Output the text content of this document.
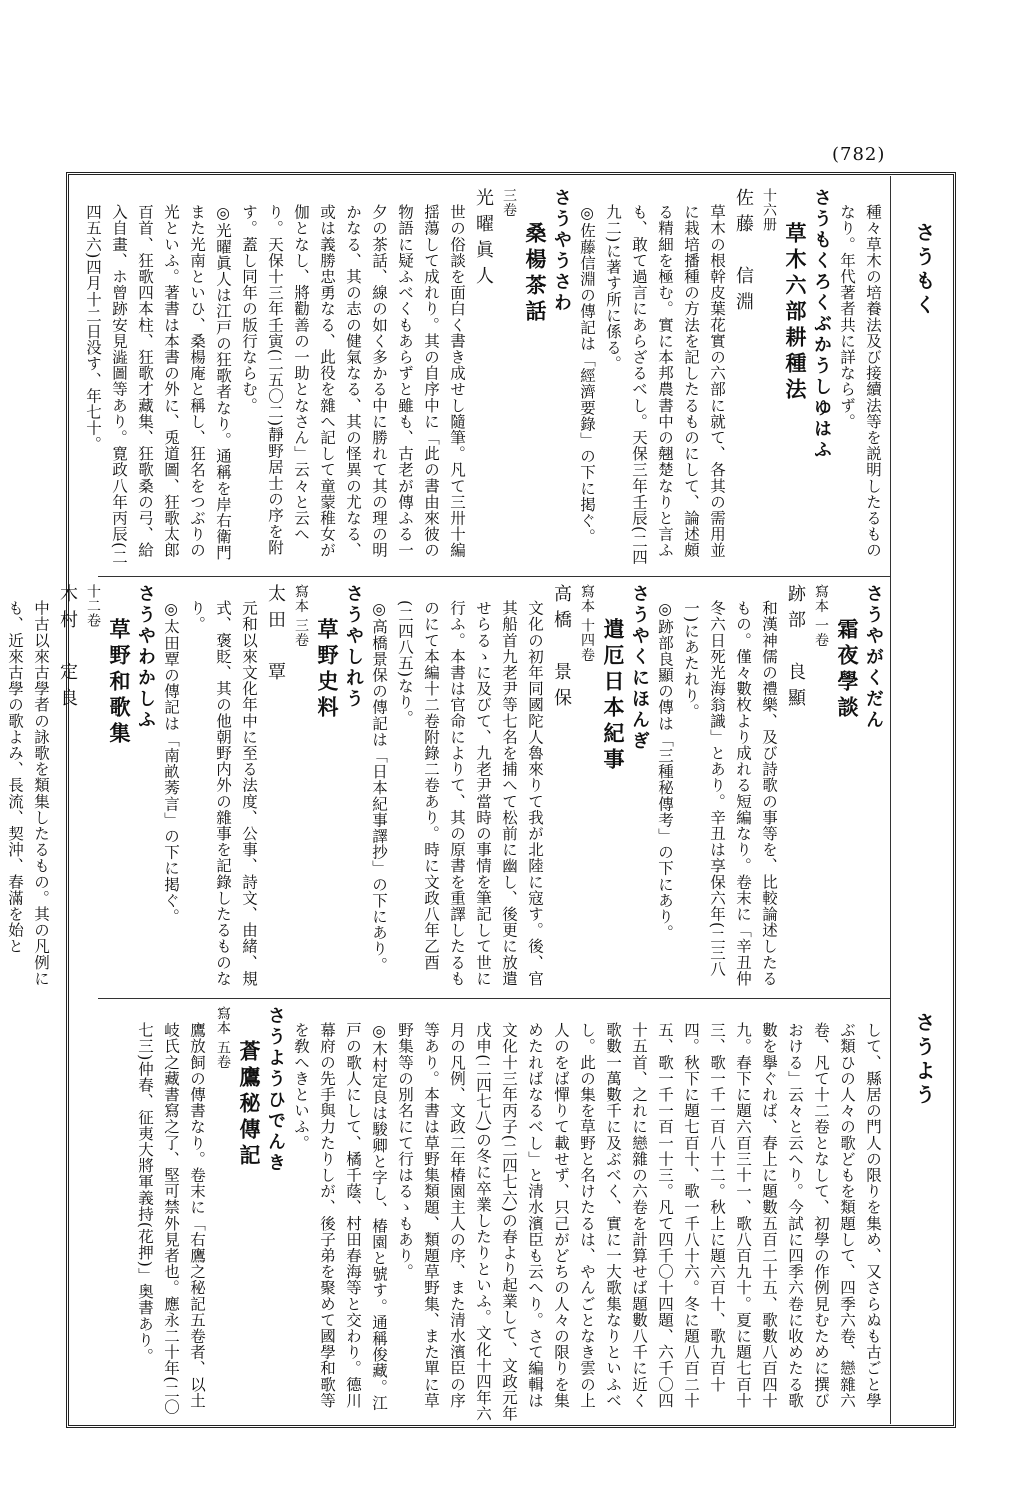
(782)
さうもく
さうよう

種々草木の培養法及び接續法等を説明したるものなり。年代著者共に詳ならず。

さうもくろくぶかうしゆはふ

草木六部耕種法

十六册

佐藤　信淵

草木の根幹皮葉花實の六部に就て、各其の需用並に栽培播種の方法を記したるものにして、論述頗る精細を極む。實に本邦農書中の翹楚なりと言ふも、敢て過言にあらざるべし。天保三年壬辰(二四九二)に著す所に係る。

◎佐藤信淵の傳記は「經濟要錄」の下に掲ぐ。

さうやうさわ

桑楊茶話

三卷

光曜眞人

世の俗談を面白く書き成せし隨筆。凡て三卅十編揺蕩して成れり。其の自序中に「此の書由來彼の物語に疑ふべくもあらずと雖も、古老が傳ふる一夕の茶話、線の如く多かる中に勝れて其の理の明かなる、其の志の健氣なる、其の怪異の尤なる、或は義勝忠勇なる、此役を雜へ記して童蒙稚女が伽となし、將勸善の一助となさん」云々と云へり。天保十三年壬寅(二五〇二)靜野居士の序を附す。蓋し同年の版行ならむ。

◎光曜眞人は江戸の狂歌者なり。通稱を岸右衛門また光南といひ、桑楊庵と稱し、狂名をつぶりの光といふ。著書は本書の外に、兎道圖、狂歌太郎百首、狂歌四本柱、狂歌才藏集、狂歌桑の弓、給入自畫、ホ曾跡安見澁圖等あり。寛政八年丙辰(二四五六)四月十二日没す、年七十。

さうやがくだん

霜夜學談

寫本 一卷

跡部　良顯

和漢神儒の禮樂、及び詩歌の事等を、比較論述したるもの。僅々數枚より成れる短編なり。卷末に「辛丑仲冬六日死光海翁識」とあり。辛丑は享保六年(二三八一)にあたれり。

◎跡部良顯の傳は「三種秘傳考」の下にあり。

さうやくにほんぎ

遣厄日本紀事

寫本 十四卷

高橋　景保

文化の初年同國陀人魯來りて我が北陸に寇す。後、官其船首九老尹等七名を捕へて松前に幽し、後更に放遣せらるゝに及びて、九老尹當時の事情を筆記して世に行ふ。本書は官命によりて、其の原書を重譯したるものにて本編十二卷附錄二卷あり。時に文政八年乙酉(二四八五)なり。

◎高橋景保の傳記は「日本紀事譯抄」の下にあり。

さうやしれう

草野史料

寫本 三卷

太田　覃

元和以來文化年中に至る法度、公事、詩文、由緒、規式、褒貶、其の他朝野内外の雜事を記錄したるものなり。

◎太田覃の傳記は「南畝莠言」の下に掲ぐ。

さうやわかしふ

草野和歌集

十二卷

木村　定良

中古以來古學者の詠歌を類集したるもの。其の凡例にも、近來古學の歌よみ、長流、契沖、春滿を始と

して、縣居の門人の限りを集め、又さらぬも古ごと學ぶ類ひの人々の歌どもを類題して、四季六卷、戀雜六卷、凡て十二卷となして、初學の作例見むために撰びおける」云々と云へり。今試に四季六卷に收めたる歌數を擧ぐれば、春上に題數五百二十五、歌數八百四十九。春下に題六百三十一、歌八百九十。夏に題七百十三、歌一千一百八十二。秋上に題六百十、歌九百十四。秋下に題七百十、歌一千八十六。冬に題八百二十五、歌一千一百一十三。凡て四千〇十四題、六千〇四十五首、之れに戀雜の六卷を計算せば題數八千に近く歌數一萬數千に及ぶべく、實に一大歌集なりといふべし。此の集を草野と名けたるは、やんごとなき雲の上人のをば憚りて載せず、只己がどちの人々の限りを集めたればなるべし」と清水濱臣も云へり。さて編輯は文化十三年丙子(二四七六)の春より起業して、文政元年戊申(二四七八)の冬に卒業したりといふ。文化十四年六月の凡例、文政二年椿園主人の序、また清水濱臣の序等あり。本書は草野集類題、類題草野集、また單に草野集等の別名にて行はるゝもあり。

◎木村定良は駿卿と字し、椿園と號す。通稱俊藏。江戸の歌人にして、橘千蔭、村田春海等と交わり。德川幕府の先手與力たりしが、後子弟を聚めて國學和歌等を敎へきといふ。

さうようひでんき

蒼鷹秘傳記

寫本 五卷

鷹放飼の傳書なり。卷末に「右鷹之秘記五卷者、以土岐氏之藏書寫之了、堅可禁外見者也。應永二十年(二〇七三)仲春、征夷大將軍義持(花押)」奥書あり。
